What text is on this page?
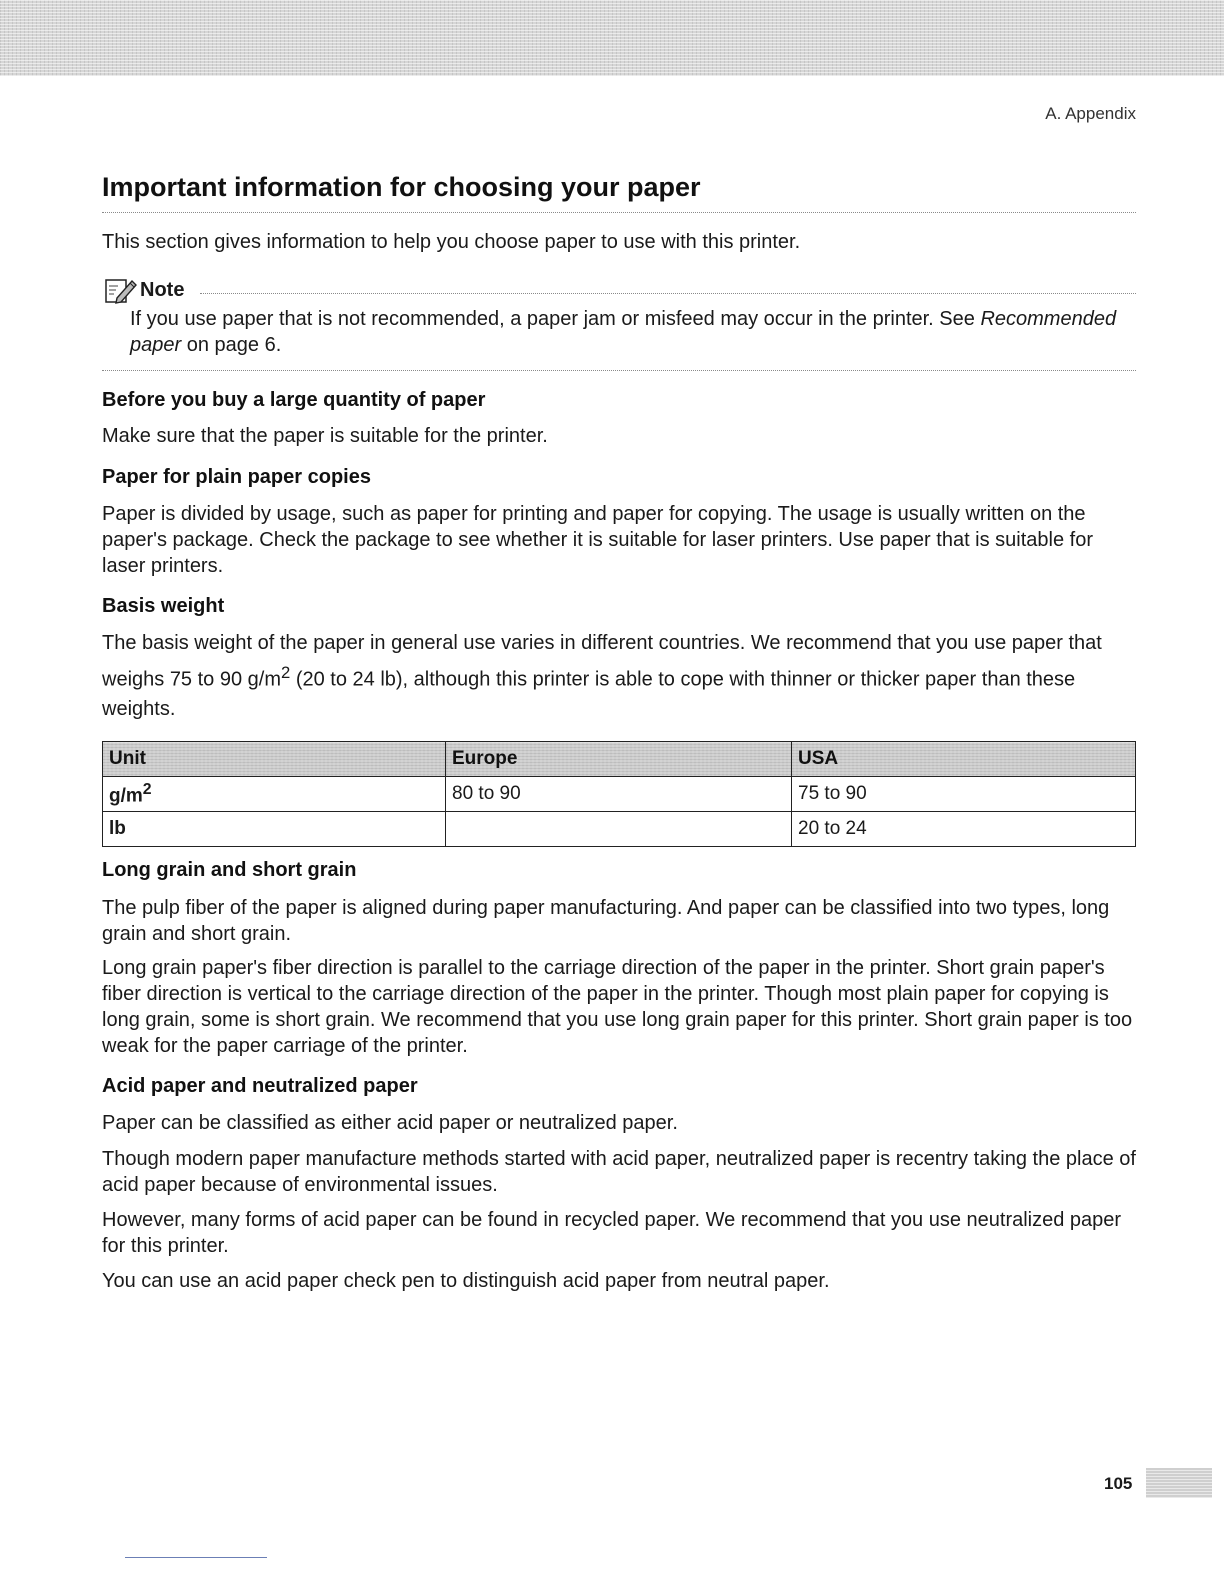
A. Appendix
Important information for choosing your paper

This section gives information to help you choose paper to use with this printer.

Note

If you use paper that is not recommended, a paper jam or misfeed may occur in the printer. See Recommended paper on page 6.

Before you buy a large quantity of paper

Make sure that the paper is suitable for the printer.

Paper for plain paper copies

Paper is divided by usage, such as paper for printing and paper for copying. The usage is usually written on the paper's package. Check the package to see whether it is suitable for laser printers. Use paper that is suitable for laser printers.

Basis weight

The basis weight of the paper in general use varies in different countries. We recommend that you use paper that weighs 75 to 90 $g/m^2$ (20 to 24 lb), although this printer is able to cope with thinner or thicker paper than these weights.

Unit	Europe	USA
$g/m^2$	80 to 90	75 to 90
lb		20 to 24
Long grain and short grain

The pulp fiber of the paper is aligned during paper manufacturing. And paper can be classified into two types, long grain and short grain.

Long grain paper's fiber direction is parallel to the carriage direction of the paper in the printer. Short grain paper's fiber direction is vertical to the carriage direction of the paper in the printer. Though most plain paper for copying is long grain, some is short grain. We recommend that you use long grain paper for this printer. Short grain paper is too weak for the paper carriage of the printer.

Acid paper and neutralized paper

Paper can be classified as either acid paper or neutralized paper.

Though modern paper manufacture methods started with acid paper, neutralized paper is recentry taking the place of acid paper because of environmental issues.

However, many forms of acid paper can be found in recycled paper. We recommend that you use neutralized paper for this printer.

You can use an acid paper check pen to distinguish acid paper from neutral paper.

105
